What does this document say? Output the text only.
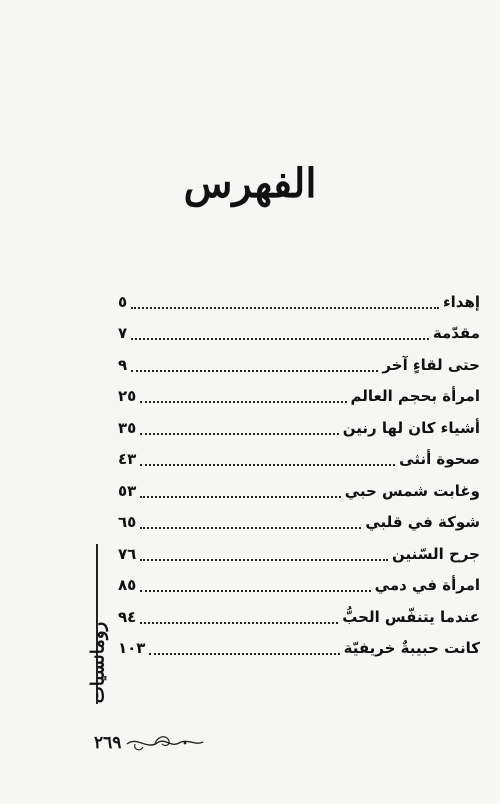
الفهرس
إهداء
٥
مقدّمة
٧
حتى لقاءٍ آخر
٩
امرأة بحجم العالم
٢٥
أشياء كان لها رنين
٣٥
صحوة أنثى
٤٣
وغابت شمس حبي
٥٣
شوكة في قلبي
٦٥
جرح السّنين
٧٦
امرأة في دمي
٨٥
عندما يتنفّس الحبُّ
٩٤
كانت حبيبةٌ خريفيّة
١٠٣
رومانسيات
٢٦٩
